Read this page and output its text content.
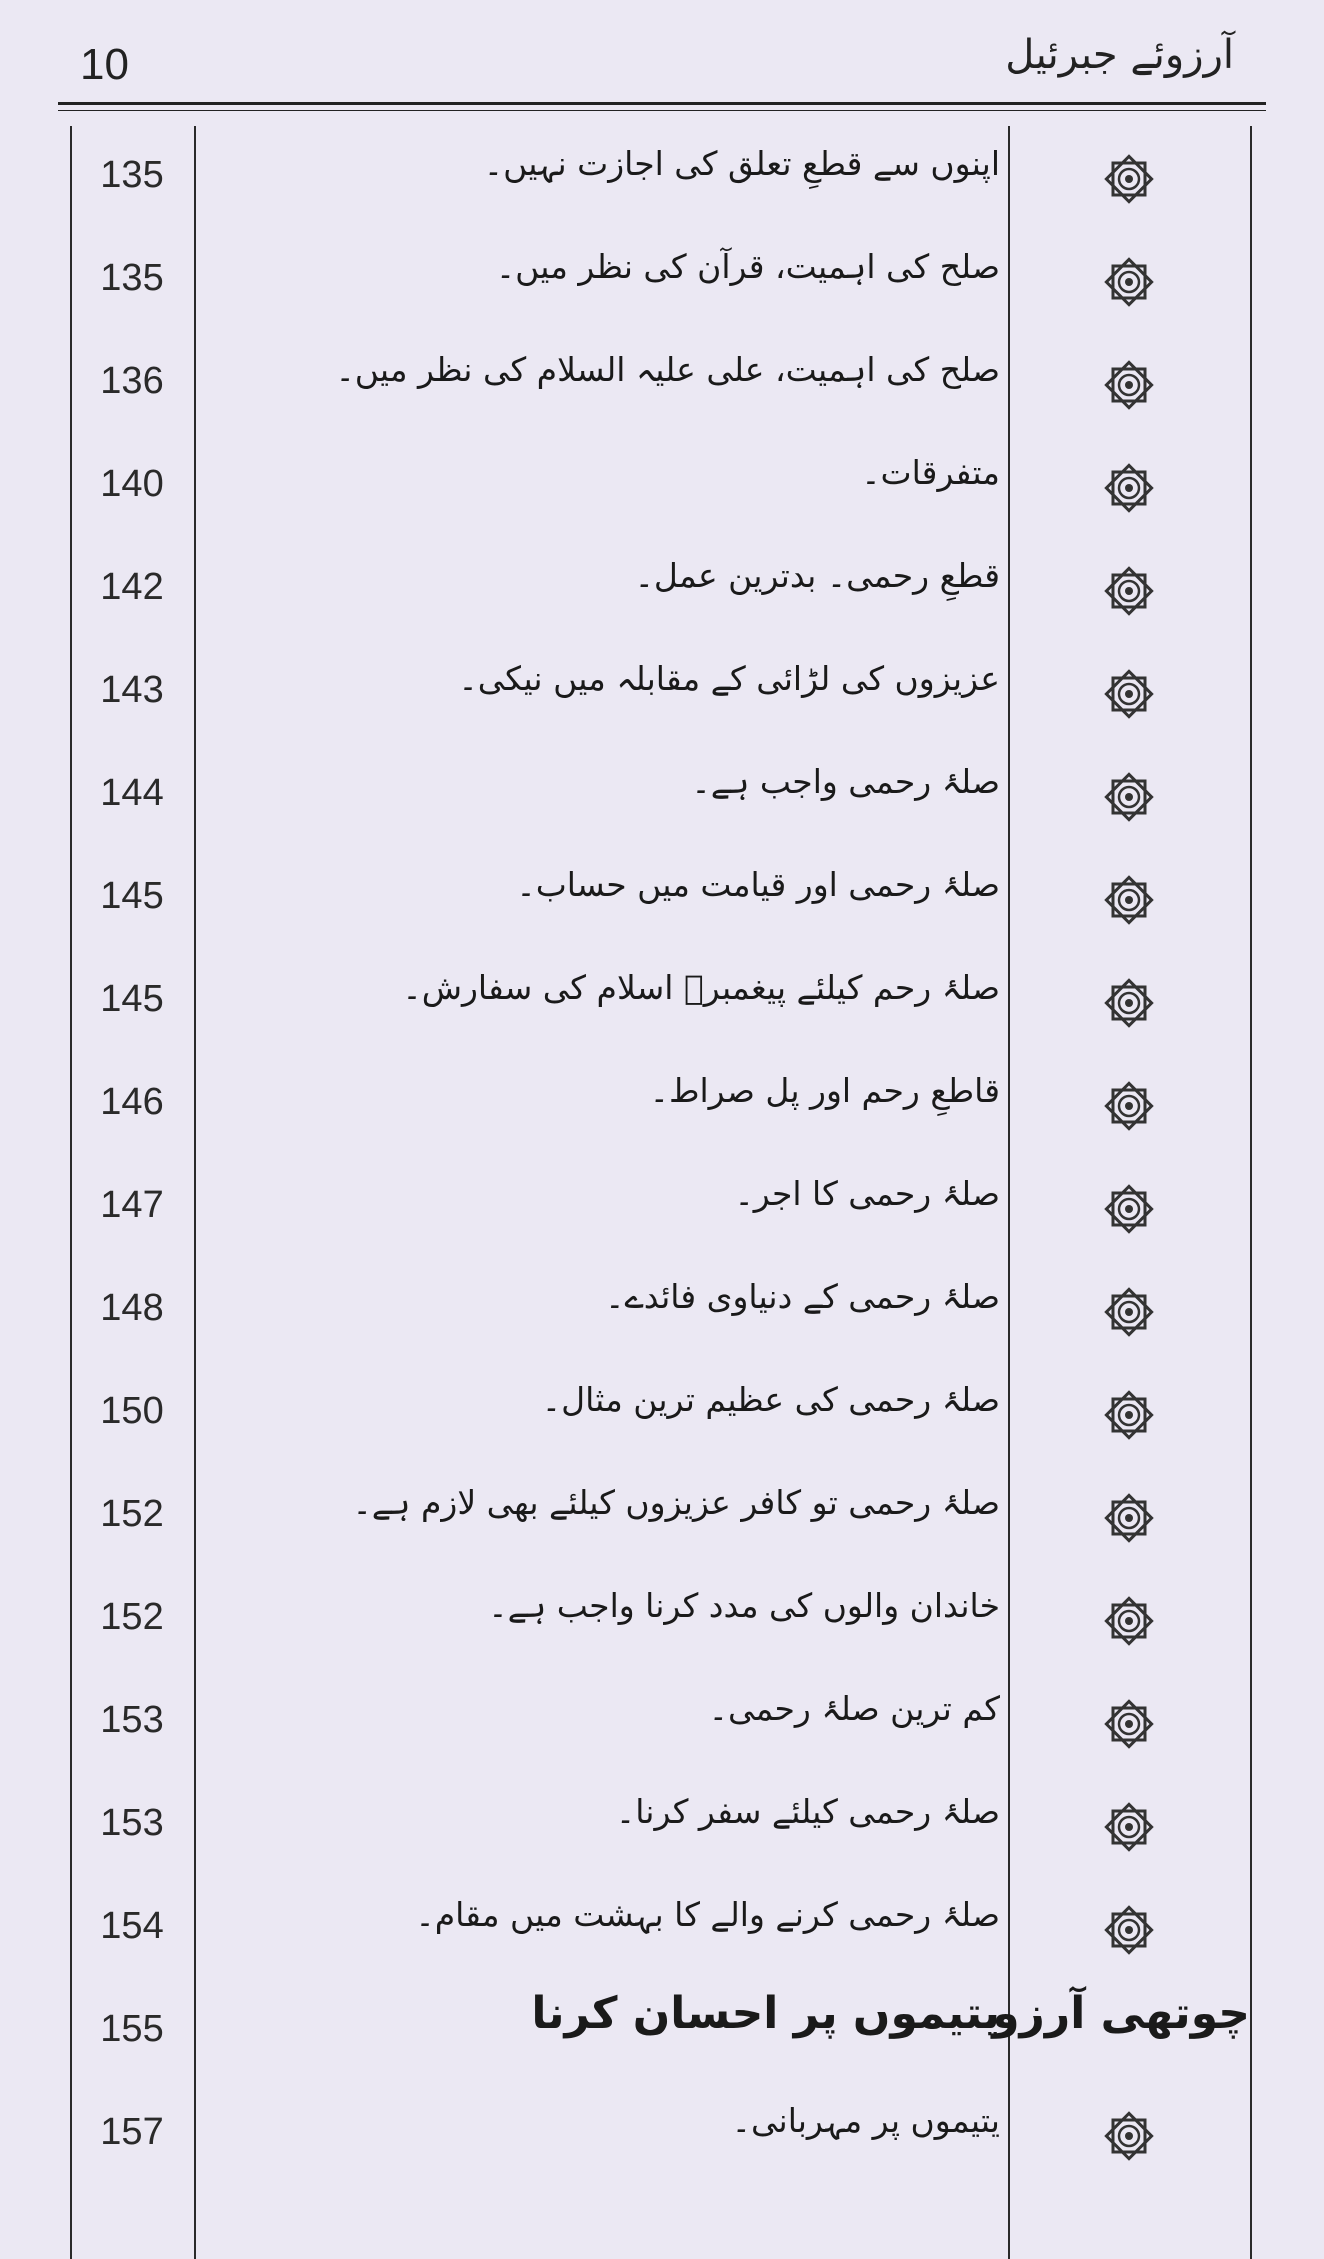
10	آرزوئے جبرئیل
135	اپنوں سے قطعِ تعلق کی اجازت نہیں۔
135	صلح کی اہمیت، قرآن کی نظر میں۔
136	صلح کی اہمیت، علی علیہ السلام کی نظر میں۔
140	متفرقات۔
142	قطعِ رحمی۔ بدترین عمل۔
143	عزیزوں کی لڑائی کے مقابلہ میں نیکی۔
144	صلۂ رحمی واجب ہے۔
145	صلۂ رحمی اور قیامت میں حساب۔
145	صلۂ رحم کیلئے پیغمبرؐ اسلام کی سفارش۔
146	قاطعِ رحم اور پل صراط۔
147	صلۂ رحمی کا اجر۔
148	صلۂ رحمی کے دنیاوی فائدے۔
150	صلۂ رحمی کی عظیم ترین مثال۔
152	صلۂ رحمی تو کافر عزیزوں کیلئے بھی لازم ہے۔
152	خاندان والوں کی مدد کرنا واجب ہے۔
153	کم ترین صلۂ رحمی۔
153	صلۂ رحمی کیلئے سفر کرنا۔
154	صلۂ رحمی کرنے والے کا بہشت میں مقام۔
155	یتیموں پر احسان کرنا
چوتھی آرزو
157	یتیموں پر مہربانی۔
